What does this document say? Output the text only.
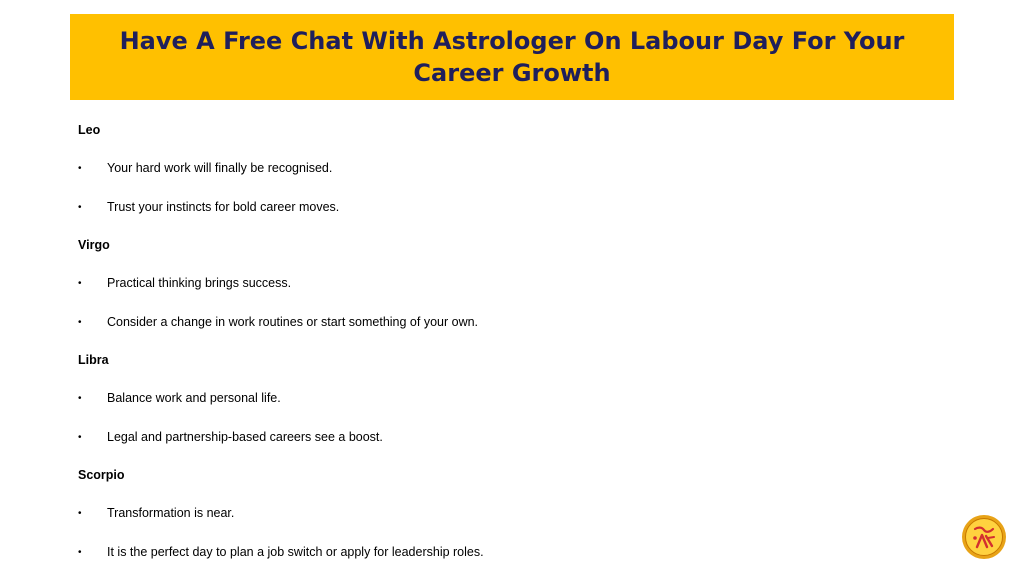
Have A Free Chat With Astrologer On Labour Day For Your Career Growth
Leo
• Your hard work will finally be recognised.
• Trust your instincts for bold career moves.
Virgo
• Practical thinking brings success.
• Consider a change in work routines or start something of your own.
Libra
• Balance work and personal life.
• Legal and partnership-based careers see a boost.
Scorpio
• Transformation is near.
• It is the perfect day to plan a job switch or apply for leadership roles.
